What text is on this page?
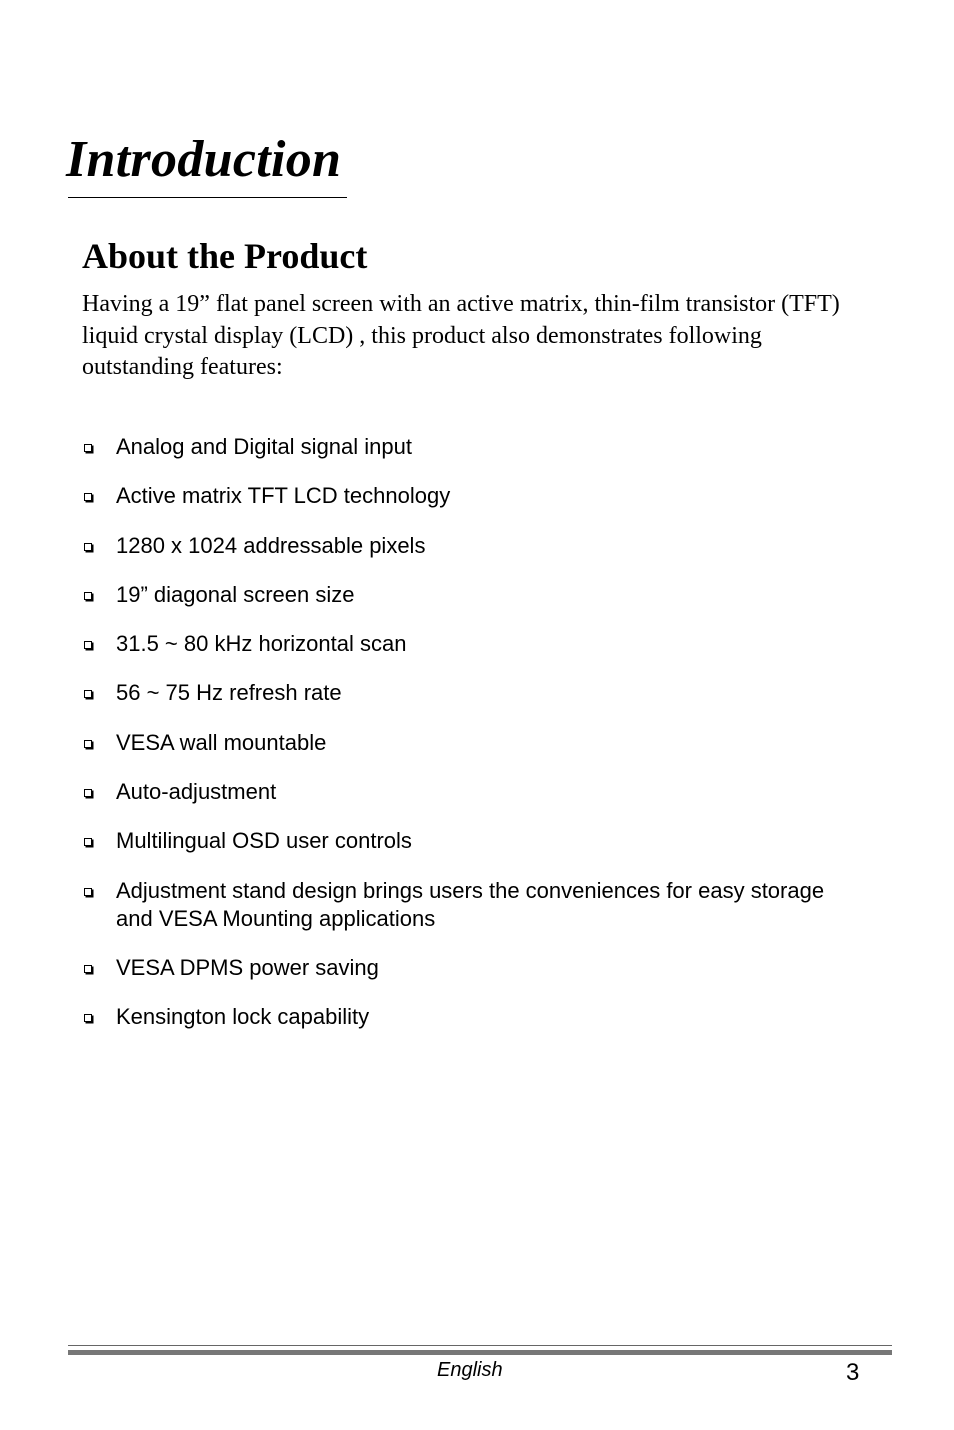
Introduction
About the Product

Having a 19” flat panel screen with an active matrix, thin-film transistor (TFT) liquid crystal display (LCD) , this product also demonstrates following outstanding features:

Analog and Digital signal input
Active matrix TFT LCD technology
1280 x 1024 addressable pixels
19” diagonal screen size
31.5 ~ 80 kHz horizontal scan
56 ~ 75 Hz refresh rate
VESA wall mountable
Auto-adjustment
Multilingual OSD user controls
Adjustment stand design brings users the conveniences for easy storage and VESA Mounting applications
VESA DPMS power saving
Kensington lock capability
English	3
